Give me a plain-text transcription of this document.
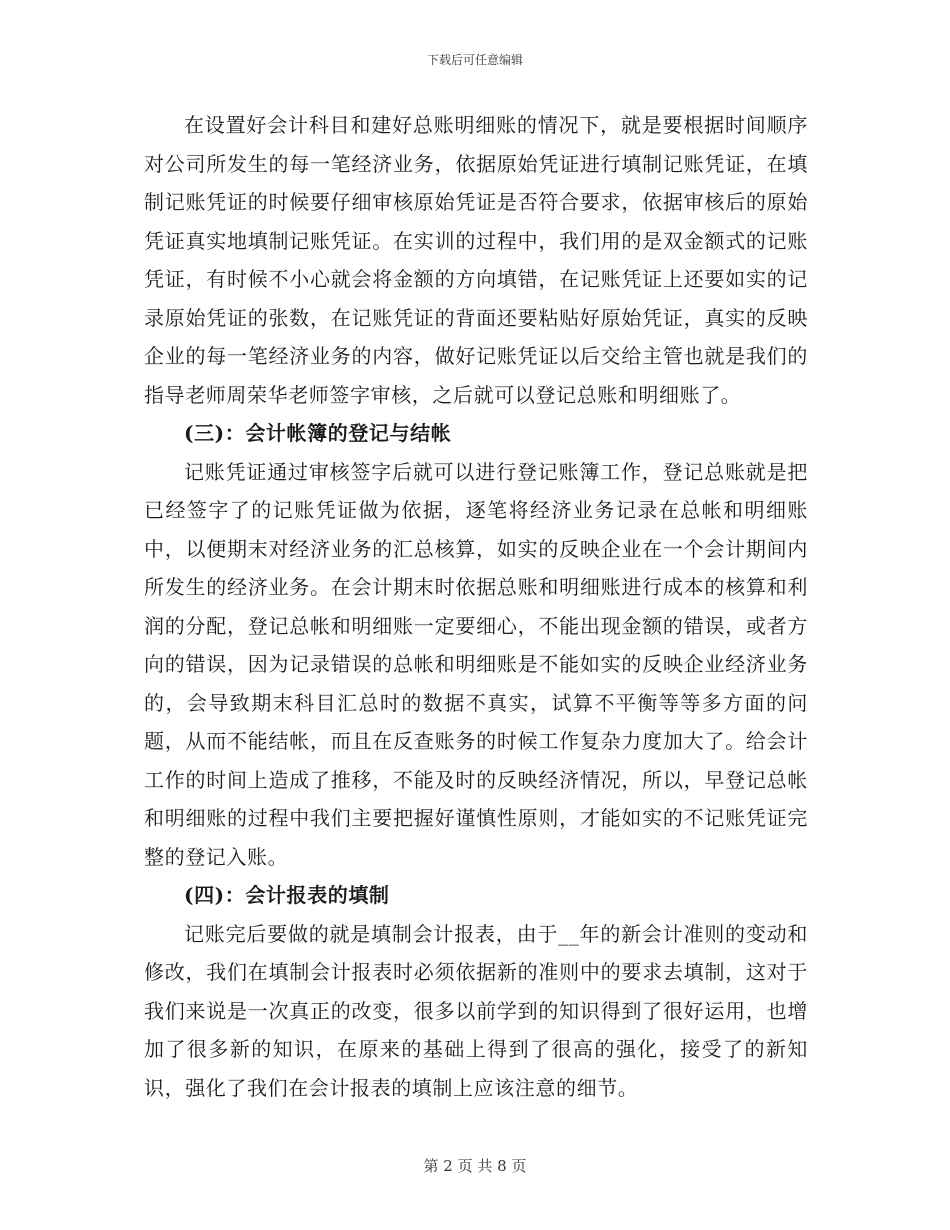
下载后可任意编辑

在设置好会计科目和建好总账明细账的情况下，就是要根据时间顺序对公司所发生的每一笔经济业务，依据原始凭证进行填制记账凭证，在填制记账凭证的时候要仔细审核原始凭证是否符合要求，依据审核后的原始凭证真实地填制记账凭证。在实训的过程中，我们用的是双金额式的记账凭证，有时候不小心就会将金额的方向填错，在记账凭证上还要如实的记录原始凭证的张数，在记账凭证的背面还要粘贴好原始凭证，真实的反映企业的每一笔经济业务的内容，做好记账凭证以后交给主管也就是我们的指导老师周荣华老师签字审核，之后就可以登记总账和明细账了。

(三)：会计帐簿的登记与结帐

记账凭证通过审核签字后就可以进行登记账簿工作，登记总账就是把已经签字了的记账凭证做为依据，逐笔将经济业务记录在总帐和明细账中，以便期末对经济业务的汇总核算，如实的反映企业在一个会计期间内所发生的经济业务。在会计期末时依据总账和明细账进行成本的核算和利润的分配，登记总帐和明细账一定要细心，不能出现金额的错误，或者方向的错误，因为记录错误的总帐和明细账是不能如实的反映企业经济业务的，会导致期末科目汇总时的数据不真实，试算不平衡等等多方面的问题，从而不能结帐，而且在反查账务的时候工作复杂力度加大了。给会计工作的时间上造成了推移，不能及时的反映经济情况，所以，早登记总帐和明细账的过程中我们主要把握好谨慎性原则，才能如实的不记账凭证完整的登记入账。

(四)：会计报表的填制

记账完后要做的就是填制会计报表，由于__年的新会计准则的变动和修改，我们在填制会计报表时必须依据新的准则中的要求去填制，这对于我们来说是一次真正的改变，很多以前学到的知识得到了很好运用，也增加了很多新的知识，在原来的基础上得到了很高的强化，接受了的新知识，强化了我们在会计报表的填制上应该注意的细节。

第 2 页 共 8 页
